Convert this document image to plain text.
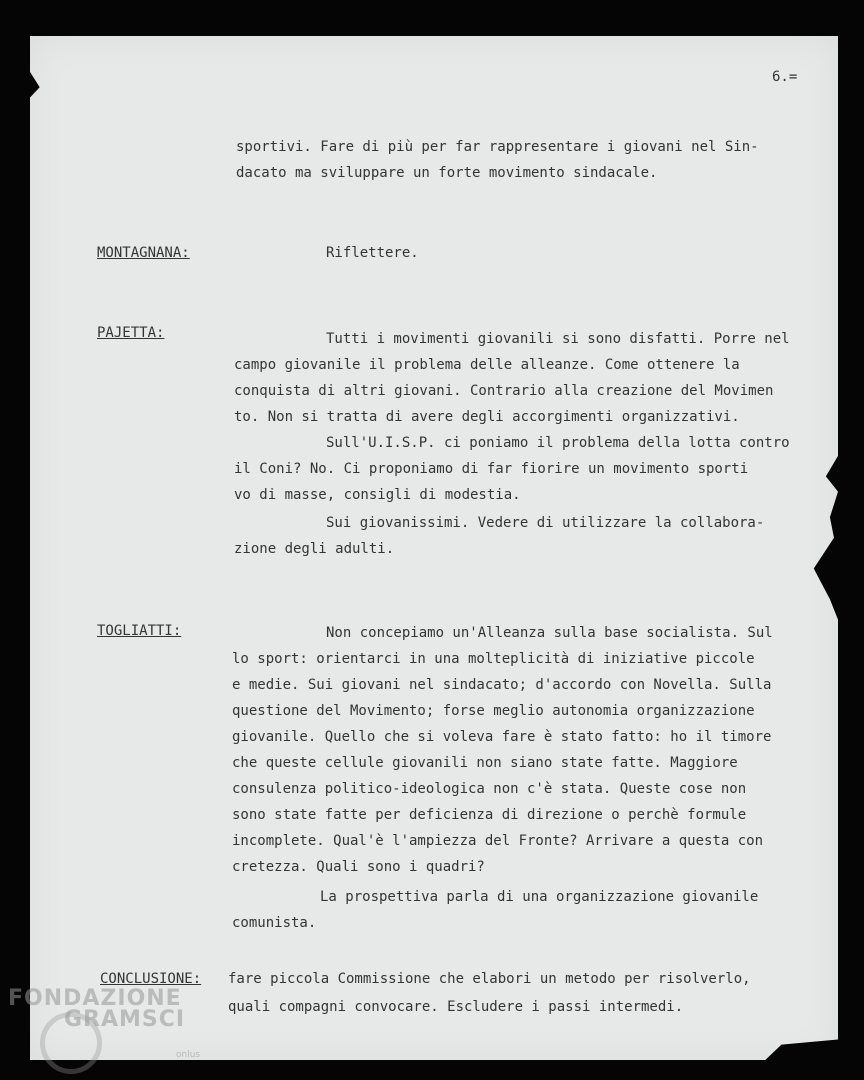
6.=
sportivi. Fare di più per far rappresentare i giovani nel Sin-
dacato ma sviluppare un forte movimento sindacale.
MONTAGNANA:	Riflettere.
PAJETTA:	Tutti i movimenti giovanili si sono disfatti. Porre nel
campo giovanile il problema delle alleanze. Come ottenere la
conquista di altri giovani. Contrario alla creazione del Movimen
to. Non si tratta di avere degli accorgimenti organizzativi.
Sull'U.I.S.P. ci poniamo il problema della lotta contro
il Coni? No. Ci proponiamo di far fiorire un movimento sporti
vo di masse, consigli di modestia.
Sui giovanissimi. Vedere di utilizzare la collabora-
zione degli adulti.
TOGLIATTI:	Non concepiamo un'Alleanza sulla base socialista. Sul
lo sport: orientarci in una molteplicità di iniziative piccole
e medie. Sui giovani nel sindacato; d'accordo con Novella. Sulla
questione del Movimento; forse meglio autonomia organizzazione
giovanile. Quello che si voleva fare è stato fatto: ho il timore
che queste cellule giovanili non siano state fatte. Maggiore
consulenza politico-ideologica non c'è stata. Queste cose non
sono state fatte per deficienza di direzione o perchè formule
incomplete. Qual'è l'ampiezza del Fronte? Arrivare a questa con
cretezza. Quali sono i quadri?
La prospettiva parla di una organizzazione giovanile
comunista.
CONCLUSIONE: fare piccola Commissione che elabori un metodo per risolverlo,
quali compagni convocare. Escludere i passi intermedi.
FONDAZIONE
GRAMSCI
onlus
